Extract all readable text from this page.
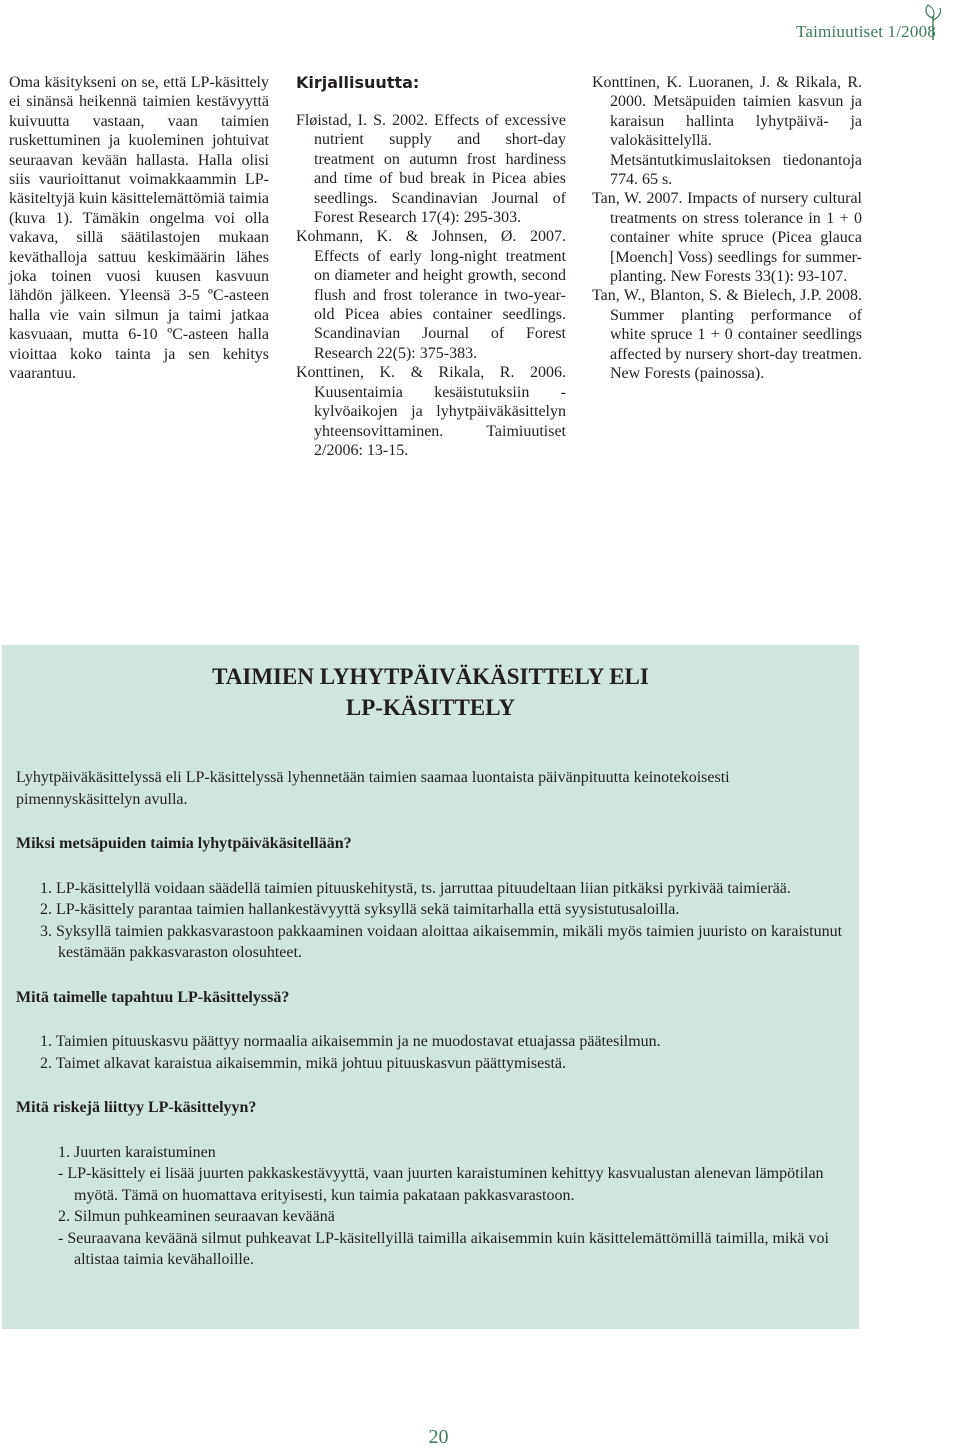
Taimiuutiset 1/2008

Oma käsitykseni on se, että LP-käsittely ei sinänsä heikennä taimien kestävyyttä kuivuutta vastaan, vaan taimien ruskettuminen ja kuoleminen johtuivat seuraavan kevään hallasta. Halla olisi siis vaurioittanut voimakkaammin LP-käsiteltyjä kuin käsittelemättömiä taimia (kuva 1). Tämäkin ongelma voi olla vakava, sillä säätilastojen mukaan keväthalloja sattuu keskimäärin lähes joka toinen vuosi kuusen kasvuun lähdön jälkeen. Yleensä 3-5 ºC-asteen halla vie vain silmun ja taimi jatkaa kasvuaan, mutta 6-10 ºC-asteen halla vioittaa koko tainta ja sen kehitys vaarantuu.

Kirjallisuutta:

Fløistad, I. S. 2002. Effects of excessive nutrient supply and short-day treatment on autumn frost hardiness and time of bud break in Picea abies seedlings. Scandinavian Journal of Forest Research 17(4): 295-303.

Kohmann, K. & Johnsen, Ø. 2007. Effects of early long-night treatment on diameter and height growth, second flush and frost tolerance in two-year-old Picea abies container seedlings. Scandinavian Journal of Forest Research 22(5): 375-383.

Konttinen, K. & Rikala, R. 2006. Kuusentaimia kesäistutuksiin - kylvöaikojen ja lyhytpäiväkäsittelyn yhteensovittaminen. Taimiuutiset 2/2006: 13-15.

Konttinen, K. Luoranen, J. & Rikala, R. 2000. Metsäpuiden taimien kasvun ja karaisun hallinta lyhytpäivä- ja valokäsittelyllä. Metsäntutkimuslaitoksen tiedonantoja 774. 65 s.

Tan, W. 2007. Impacts of nursery cultural treatments on stress tolerance in 1 + 0 container white spruce (Picea glauca [Moench] Voss) seedlings for summer-planting. New Forests 33(1): 93-107.

Tan, W., Blanton, S. & Bielech, J.P. 2008. Summer planting performance of white spruce 1 + 0 container seedlings affected by nursery short-day treatmen. New Forests (painossa).

TAIMIEN LYHYTPÄIVÄKÄSITTELY ELI
LP-KÄSITTELY

Lyhytpäiväkäsittelyssä eli LP-käsittelyssä lyhennetään taimien saamaa luontaista päivänpituutta keinotekoisesti pimennyskäsittelyn avulla.

Miksi metsäpuiden taimia lyhytpäiväkäsitellään?

1. LP-käsittelyllä voidaan säädellä taimien pituuskehitystä, ts. jarruttaa pituudeltaan liian pitkäksi pyrkivää taimierää.

2. LP-käsittely parantaa taimien hallankestävyyttä syksyllä sekä taimitarhalla että syysistutusaloilla.

3. Syksyllä taimien pakkasvarastoon pakkaaminen voidaan aloittaa aikaisemmin, mikäli myös taimien juuristo on karaistunut kestämään pakkasvaraston olosuhteet.

Mitä taimelle tapahtuu LP-käsittelyssä?

1. Taimien pituuskasvu päättyy normaalia aikaisemmin ja ne muodostavat etuajassa päätesilmun.

2. Taimet alkavat karaistua aikaisemmin, mikä johtuu pituuskasvun päättymisestä.

Mitä riskejä liittyy LP-käsittelyyn?

1. Juurten karaistuminen

- LP-käsittely ei lisää juurten pakkaskestävyyttä, vaan juurten karaistuminen kehittyy kasvualustan alenevan lämpötilan myötä. Tämä on huomattava erityisesti, kun taimia pakataan pakkasvarastoon.

2. Silmun puhkeaminen seuraavan keväänä

- Seuraavana keväänä silmut puhkeavat LP-käsitellyillä taimilla aikaisemmin kuin käsittelemättömillä taimilla, mikä voi altistaa taimia kevähalloille.

20
